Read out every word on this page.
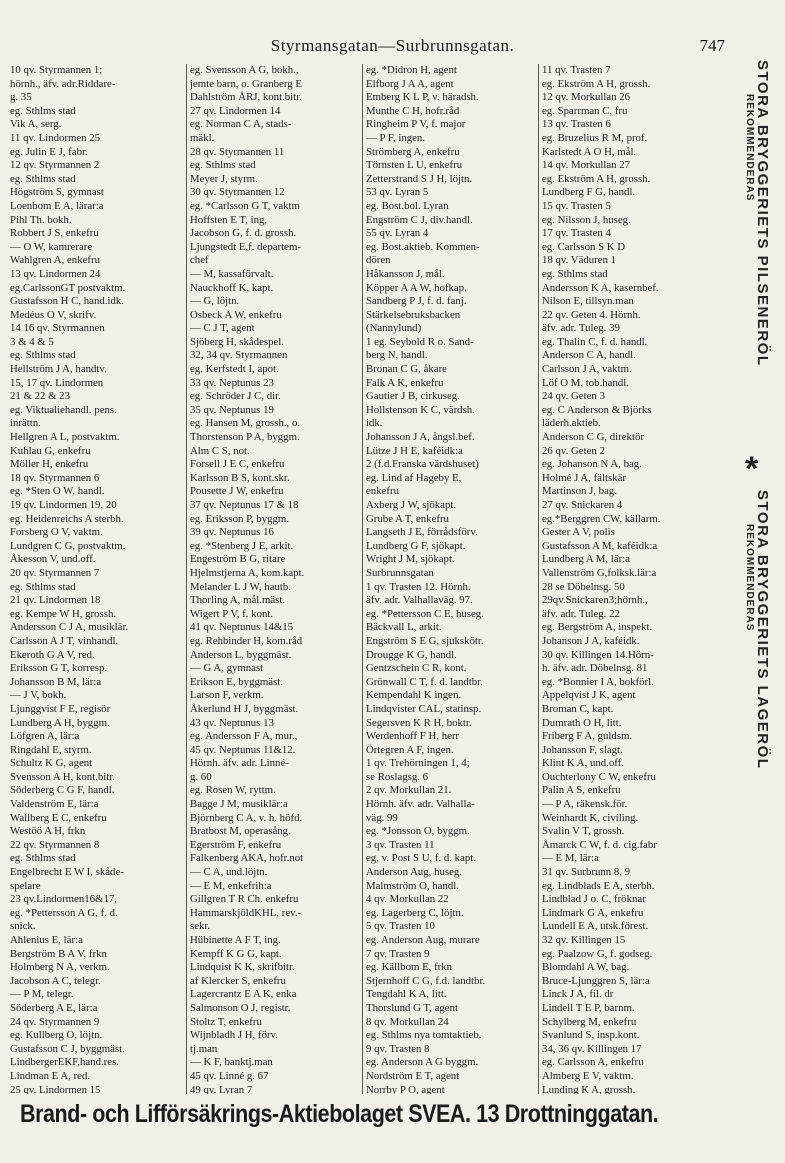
Styrmansgatan—Surbrunnsgatan.	747
10 qv. Styrmannen 1;
hörnh., äfv. adr.Riddare-
g. 35
eg. Sthlms stad
Vik A, serg.
11 qv. Lindormen 25
eg. Julin E J, fabr.
12 qv. Styrmannen 2
eg. Sthlms stad
Högström S, gymnast
Loenbom E A, lärar:a
Pihl Th. bokh.
Robbert J S, enkefru
— O W, kamrerare
Wahlgren A, enkefru
13 qv. Lindormen 24
eg.CarlssonGT postvaktm.
Gustafsson H C, hand.idk.
Medéus O V, skrifv.
14 16 qv. Styrmannen
3 & 4 & 5
eg. Sthlms stad
Hellström J A, handtv.
15, 17 qv. Lindormen
21 & 22 & 23
eg. Viktualiehandl. pens.
inrättn.
Hellgren A L, postvaktm.
Kuhlau G, enkefru
Möller H, enkefru
18 qv. Styrmannen 6
eg. *Sten O W, handl.
19 qv. Lindormen 19, 20
eg. Heidenreichs A sterbh.
Forsberg O V, vaktm.
Lundgren C G, postvaktm.
Åkesson V, und.off.
20 qv. Styrmannen 7
eg. Sthlms stad
21 qv. Lindormen 18
eg. Kempe W H, grossh.
Andersson C J A, musiklär.
Carlsson A J T, vinhandl.
Ekeroth G A V, red.
Eriksson G T, korresp.
Johansson B M, lär:a
— J V, bokh.
Ljunggvist F E, regisör
Lundberg A H, byggm.
Löfgren A, lär:a
Ringdahl E, styrm.
Schultz K G, agent
Svensson A H, kont.bitr.
Söderberg C G F, handl.
Valdenström E, lär:a
Wallberg E C, enkefru
Westöö A H, frkn
22 qv. Styrmannen 8
eg. Sthlms stad
Engelbrecht E W I, skåde-
spelare
23 qv.Lindormen16&17,
eg. *Pettersson A G, f. d.
snick.
Ahlenius E, lär:a
Bergström B A V, frkn
Holmberg N A, verkm.
Jacobson A C, telegr.
— P M, telegr.
Söderberg A E, lär:a
24 qv. Styrmannen 9
eg. Kullberg O, löjtn.
Gustafsson C J, byggmäst.
LindbergerEKF,hand.res.
Lindman E A, red.
25 qv. Lindormen 15
eg. Svensson A G, bokh.,
jemte barn, o. Granberg E
Dahlström ÅRJ, kont.bitr.
27 qv. Lindormen 14
eg. Norman C A, stads-
mäkl.
28 qv. Styrmannen 11
eg. Sthlms stad
Meyer J, styrm.
30 qv. Styrmannen 12
eg. *Carlsson G T, vaktm
Hoffsten E T, ing,
Jacobson G, f. d. grossh.
Ljungstedt E,f. departem-
chef
— M, kassaförvalt.
Nauckhoff K, kapt.
— G, löjtn.
Osbeck A W, enkefru
— C J T, agent
Sjöberg H, skådespel.
32, 34 qv. Styrmannen
eg. Kerfstedt I, apot.
33 qv. Neptunus 23
eg. Schröder J C, dir.
35 qv. Neptunus 19
eg. Hansen M, grossh., o.
Thorstenson P A, byggm.
Alm C S, not.
Forsell J E C, enkefru
Karlsson B S, kont.skr.
Pousette J W, enkefru
37 qv. Neptunus 17 & 18
eg. Eriksson P, byggm.
39 qv. Neptunus 16
eg. *Stenberg J E, arkit.
Engeström B G, ritare
Hjelmstjerna A, kom.kapt.
Melander L J W, hautb.
Thorling A, mål.mäst.
Wigert P V, f. kont.
41 qv. Neptunus 14&15
eg. Rehbinder H, kom.råd
Anderson L, byggmäst.
— G A, gymnast
Erikson E, byggmäst.
Larson F, verkm.
Åkerlund H J, byggmäst.
43 qv. Neptunus 13
eg. Andersson F A, mur.,
45 qv. Neptunus 11&12.
Hörnh. äfv. adr. Linné-
g. 60
eg. Rosen W, ryttm.
Bagge J M, musiklär:a
Björnberg C A, v. h. höfd.
Bratbost M, operasång.
Egerström F, enkefru
Falkenberg AKA, hofr.not
— C A, und.löjtn.
— E M, enkefrih:a
Gillgren T R Ch. enkefru
HammarskjöldKHL, rev.-
sekr.
Hübinette A F T, ing.
Kempff K G G, kapt.
Lindquist K K, skrifbitr.
af Klercker S, enkefru
Lagercrantz E A K, enka
Salmonson O J, registr.
Stoltz T, enkefru
Wijnbladh J H, förv.
tj.man
— K F, banktj.man
45 qv. Linné g. 67
49 qv. Lyran 7
eg. *Didron H, agent
Elfborg J A A, agent
Emberg K L P, v. häradsh.
Munthe C H, hofr.råd
Ringheim P V, f. major
— P F, ingen.
Strömberg A, enkefru
Törnsten L U, enkefru
Zetterstrand S J H, löjtn.
53 qv. Lyran 5
eg. Bost.bol. Lyran
Engström C J, div.handl.
55 qv. Lyran 4
eg. Bost.aktieb. Kommen-
dören
Håkansson J, mål.
Köpper A A W, hofkap.
Sandberg P J, f. d. fanj.
Stärkelsebruksbacken
(Nannylund)
1 eg. Seybold R o. Sand-
berg N, handl.
Bronan C G, åkare
Falk A K, enkefru
Gautier J B, cirkuseg.
Hollstenson K C, värdsh.
idk.
Johansson J A, ångsl.bef.
Lütze J H E, kaféidk:a
2 (f.d.Franska värdshuset)
eg. Lind af Hageby E,
enkefru
Axberg J W, sjökapt.
Grube A T, enkefru
Langseth J E, förrådsförv.
Lundberg G F, sjökapt.
Wright J M, sjökapt.
Surbrunnsgatan
1 qv. Trasten 12. Hörnh.
äfv. adr. Valhallaväg. 97.
eg. *Pettersson C E, huseg.
Bäckvall L, arkit.
Engström S E G, sjukskötr.
Drougge K G, handl.
Gentzschein C R, kont.
Grönwall C T, f. d. landtbr.
Kempendahl K ingen.
Lindqvister CAL, statinsp.
Segersven K R H, boktr.
Werdenhoff F H, herr
Örtegren A F, ingen.
1 qv. Trehörningen 1, 4;
se Roslagsg. 6
2 qv. Morkullan 21.
Hörnh. äfv. adr. Valhalla-
väg. 99
eg. *Jonsson O, byggm.
3 qv. Trasten 11
eg, v. Post S U, f. d. kapt.
Anderson Aug, huseg.
Malmström O, handl.
4 qv. Morkullan 22
eg. Lagerberg C, löjtn.
5 qv. Trasten 10
eg. Anderson Aug, murare
7 qv. Trasten 9
eg. Källbom E, frkn
Stjernhoff C G, f.d. landtbr.
Tengdahl K A, litt.
Thorslund G T, agent
8 qv. Morkullan 24
eg. Sthlms nya tomtaktieb.
9 qv. Trasten 8
eg. Anderson A G byggm.
Nordström E T, agent
Norrby P O, agent
11 qv. Trasten 7
eg. Ekström A H, grossh.
12 qv. Morkullan 26
eg. Sparrman C, fru
13 qv. Trasten 6
eg. Bruzelius R M, prof.
Karlstedt A O H, mål.
14 qv. Morkullan 27
eg. Ekström A H, grossh.
Lundberg F G, handl.
15 qv. Trasten 5
eg. Nilsson J, huseg.
17 qv. Trasten 4
eg. Carlsson S K D
18 qv. Väduren 1
eg. Sthlms stad
Andersson K A, kasernbef.
Nilson E, tillsyn.man
22 qv. Geten 4. Hörnh.
äfv. adr. Tuleg. 39
eg. Thalin C, f. d. handl.
Anderson C A, handl.
Carlsson J A, vaktm.
Löf O M, tob.handl.
24 qv. Geten 3
eg. C Anderson & Björks
läderh.aktieb.
Anderson C G, direktör
26 qv. Geten 2
eg. Johanson N A, bag.
Holmé J A, fältskär
Martinson J, bag.
27 qv. Snickaren 4
eg.*Berggren CW, källarm.
Gester A V, polis
Gustafsson A M, kaféidk:a
Lundberg A M, lär:a
Vallenström G,folksk.lär:a
28 se Döbelnsg. 50
29qv.Snickaren3;hörnh.,
äfv. adr. Tuleg. 22
eg. Bergström A, inspekt.
Johanson J A, kaféidk.
30 qv. Killingen 14.Hörn-
h. äfv. adr. Döbelnsg. 81
eg. *Bonnier I A, bokförl.
Appelqvist J K, agent
Broman C, kapt.
Dumrath O H, litt.
Friberg F A, guldsm.
Johansson F, slagt.
Klint K A, und.off.
Ouchterlony C W, enkefru
Palin A S, enkefru
— P A, räkensk.för.
Weinhardt K, civiling.
Svalin V T, grossh.
Åmarck C W, f. d. cig.fabr
— E M, lär:a
31 qv. Surbrunn 8, 9
eg. Lindblads E A, sterbh.
Lindblad J o. C, fröknar
Lindmark G A, enkefru
Lundell E A, utsk.förest.
32 qv. Killingen 15
eg. Paalzow G, f. godseg.
Blomdahl A W, bag.
Bruce-Ljunggren S, lär:a
Linck J A, fil. dr
Lindell T E P, barnm.
Schylberg M, enkefru
Svanlund S, insp.kont.
34, 36 qv. Killingen 17
eg. Carlsson A, enkefru
Almberg E V, vaktm.
Lunding K A, grossh.
STORA BRYGGERIETS PILSENERÖL
REKOMMENDERAS
*
STORA BRYGGERIETS LAGERÖL
REKOMMENDERAS
Brand- och Lifförsäkrings-Aktiebolaget SVEA. 13 Drottninggatan.
